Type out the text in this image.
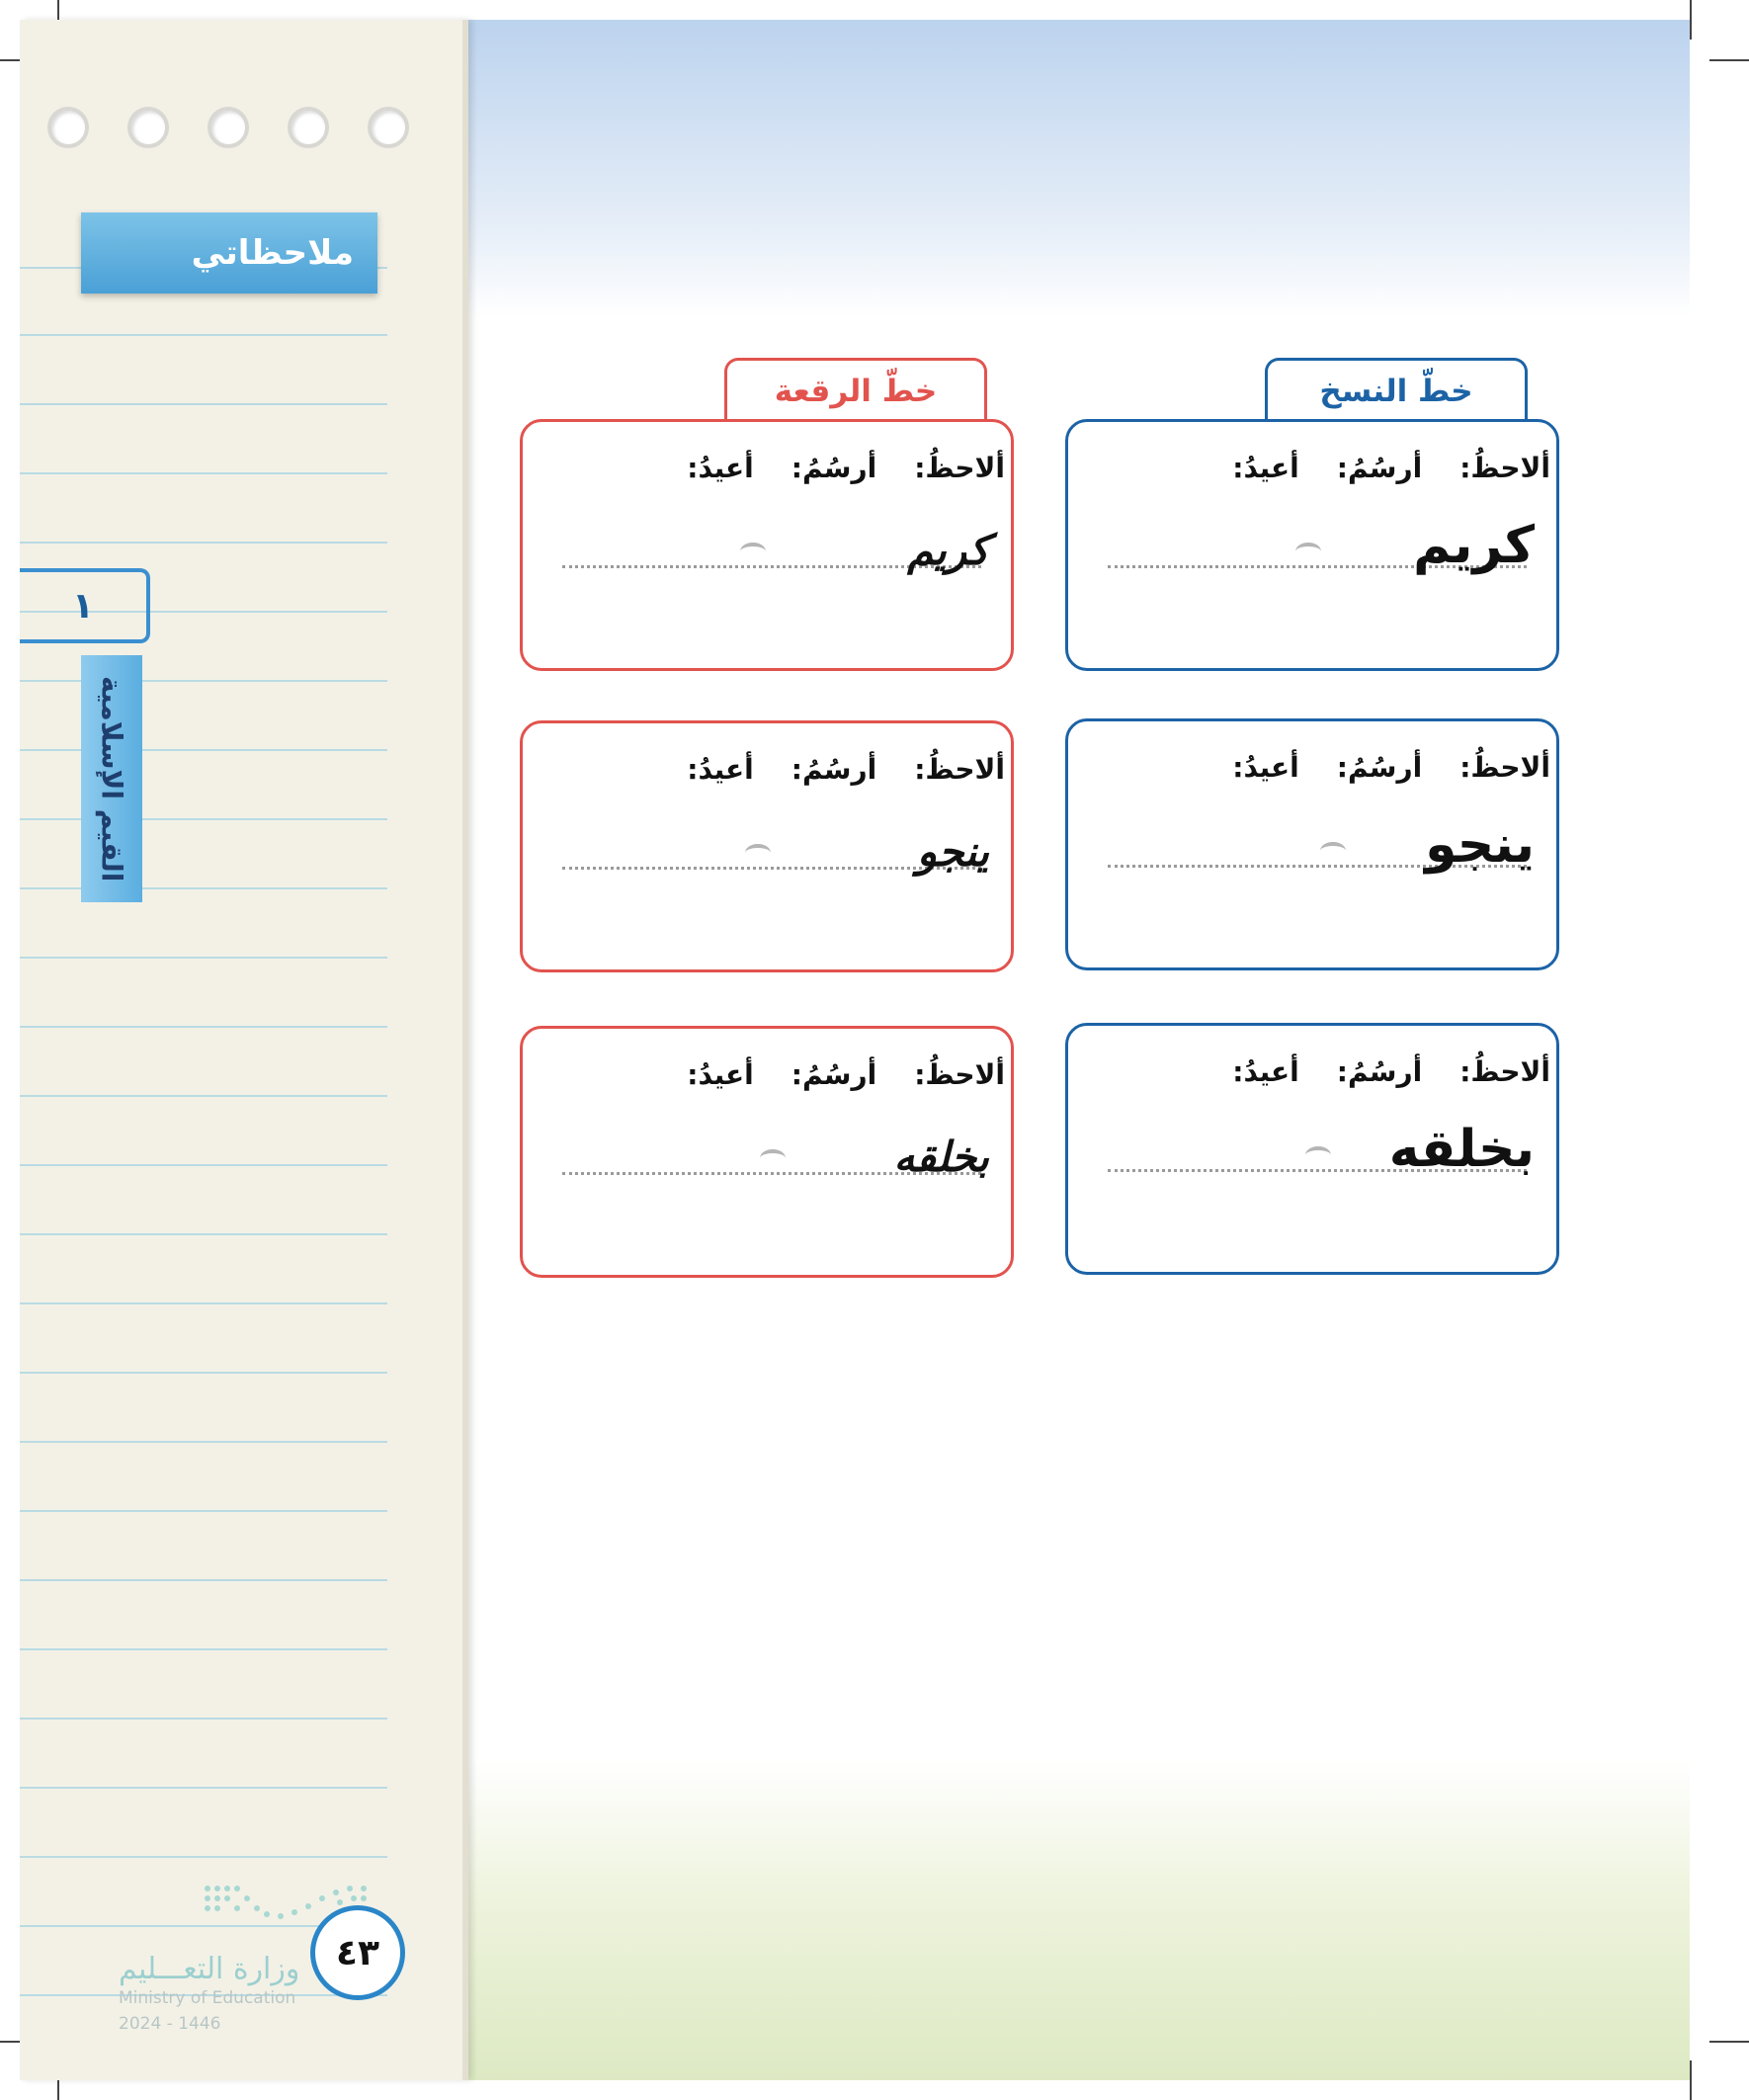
ملاحظاتي
١
القيم الإسلامية
وزارة التعـــليم
Ministry of Education
2024 - 1446
٤٣
خطّ النسخ
خطّ الرقعة
ألاحظُ:
أرسُمُ:
أعيدُ:
كريم
ألاحظُ:
أرسُمُ:
أعيدُ:
ينجو
ألاحظُ:
أرسُمُ:
أعيدُ:
بخلقه
ألاحظُ:
أرسُمُ:
أعيدُ:
كريم
ألاحظُ:
أرسُمُ:
أعيدُ:
ينجو
ألاحظُ:
أرسُمُ:
أعيدُ:
بخلقه
